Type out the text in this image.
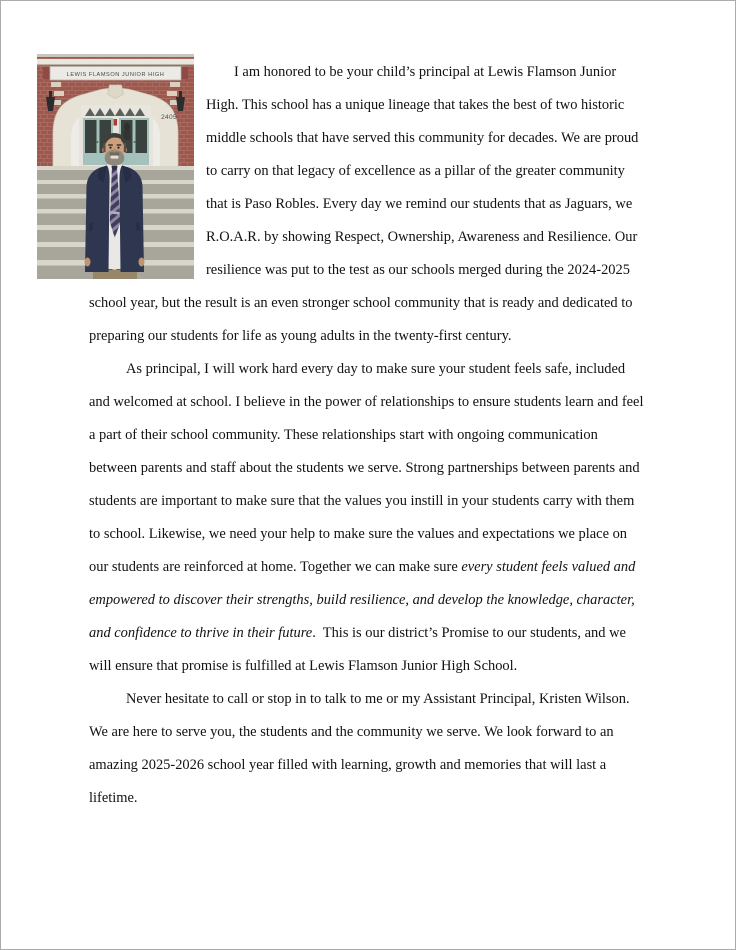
LEWIS FLAMSON JUNIOR HIGH
2405

I am honored to be your child’s principal at Lewis Flamson Junior High. This school has a unique lineage that takes the best of two historic middle schools that have served this community for decades. We are proud to carry on that legacy of excellence as a pillar of the greater community that is Paso Robles. Every day we remind our students that as Jaguars, we R.O.A.R. by showing Respect, Ownership, Awareness and Resilience. Our resilience was put to the test as our schools merged during the 2024-2025 school year, but the result is an even stronger school community that is ready and dedicated to preparing our students for life as young adults in the twenty-first century.

As principal, I will work hard every day to make sure your student feels safe, included and welcomed at school. I believe in the power of relationships to ensure students learn and feel a part of their school community. These relationships start with ongoing communication between parents and staff about the students we serve. Strong partnerships between parents and students are important to make sure that the values you instill in your students carry with them to school. Likewise, we need your help to make sure the values and expectations we place on our students are reinforced at home. Together we can make sure every student feels valued and empowered to discover their strengths, build resilience, and develop the knowledge, character, and confidence to thrive in their future.  This is our district’s Promise to our students, and we will ensure that promise is fulfilled at Lewis Flamson Junior High School.

Never hesitate to call or stop in to talk to me or my Assistant Principal, Kristen Wilson. We are here to serve you, the students and the community we serve. We look forward to an amazing 2025-2026 school year filled with learning, growth and memories that will last a lifetime.
